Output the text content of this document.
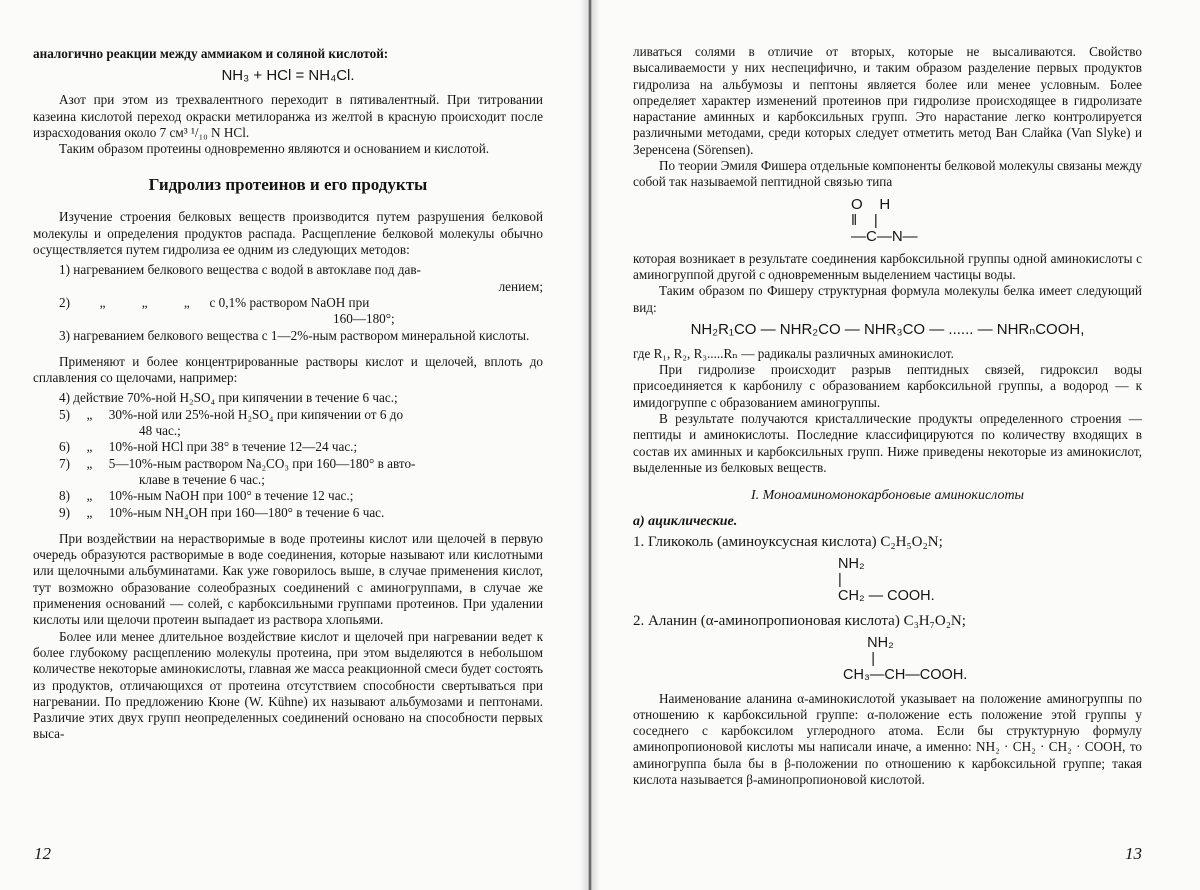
аналогично реакции между аммиаком и соляной кислотой:

NH₃ + HCl = NH₄Cl.

Азот при этом из трехвалентного переходит в пятивалентный. При титровании казеина кислотой переход окраски метилоранжа из желтой в красную происходит после израсходования около 7 см³ ¹/₁₀ N HCl.

Таким образом протеины одновременно являются и основанием и кислотой.

Гидролиз протеинов и его продукты

Изучение строения белковых веществ производится путем разрушения белковой молекулы и определения продуктов распада. Расщепление белковой молекулы обычно осуществляется путем гидролиза ее одним из следующих методов:

1) нагреванием белкового вещества с водой в автоклаве под дав-

лением;

2)         „           „           „      с 0,1% раствором NaOH при

160—180°;

3) нагреванием белкового вещества с 1—2%-ным раствором минеральной кислоты.

Применяют и более концентрированные растворы кислот и щелочей, вплоть до сплавления со щелочами, например:

4) действие 70%-ной H₂SO₄ при кипячении в течение 6 час.;

5)     „     30%-ной или 25%-ной H₂SO₄ при кипячении от 6 до

48 час.;

6)     „     10%-ной HCl при 38° в течение 12—24 час.;

7)     „     5—10%-ным раствором Na₂CO₃ при 160—180° в авто-

клаве в течение 6 час.;

8)     „     10%-ным NaOH при 100° в течение 12 час.;

9)     „     10%-ным NH₄OH при 160—180° в течение 6 час.

При воздействии на нерастворимые в воде протеины кислот или щелочей в первую очередь образуются растворимые в воде соединения, которые называют или кислотными или щелочными альбуминатами. Как уже говорилось выше, в случае применения кислот, тут возможно образование солеобразных соединений с аминогруппами, в случае же применения оснований — солей, с карбоксильными группами протеинов. При удалении кислоты или щелочи протеин выпадает из раствора хлопьями.

Более или менее длительное воздействие кислот и щелочей при нагревании ведет к более глубокому расщеплению молекулы протеина, при этом выделяются в небольшом количестве некоторые аминокислоты, главная же масса реакционной смеси будет состоять из продуктов, отличающихся от протеина отсутствием способности свертываться при нагревании. По предложению Кюне (W. Kühne) их называют альбумозами и пептонами. Различие этих двух групп неопределенных соединений основано на способности первых выса-

12

ливаться солями в отличие от вторых, которые не высаливаются. Свойство высаливаемости у них неспецифично, и таким образом разделение первых продуктов гидролиза на альбумозы и пептоны является более или менее условным. Более определяет характер изменений протеинов при гидролизе происходящее в гидролизате нарастание аминных и карбоксильных групп. Это нарастание легко контролируется различными методами, среди которых следует отметить метод Ван Слайка (Van Slyke) и Зеренсена (Sörensen).

По теории Эмиля Фишера отдельные компоненты белковой молекулы связаны между собой так называемой пептидной связью типа

O    H
‖    |
—C—N—

которая возникает в результате соединения карбоксильной группы одной аминокислоты с аминогруппой другой с одновременным выделением частицы воды.

Таким образом по Фишеру структурная формула молекулы белка имеет следующий вид:

NH₂R₁CO — NHR₂CO — NHR₃CO — ...... — NHRₙCOOH,

где R₁, R₂, R₃.....Rₙ — радикалы различных аминокислот.

При гидролизе происходит разрыв пептидных связей, гидроксил воды присоединяется к карбонилу с образованием карбоксильной группы, а водород — к имидогруппе с образованием аминогруппы.

В результате получаются кристаллические продукты определенного строения — пептиды и аминокислоты. Последние классифицируются по количеству входящих в состав их аминных и карбоксильных групп. Ниже приведены некоторые из аминокислот, выделенные из белковых веществ.

I. Моноаминомонокарбоновые аминокислоты

а) ациклические.

1. Гликоколь (аминоуксусная кислота) C₂H₅O₂N;

NH₂
|
CH₂ — COOH.

2. Аланин (α-аминопропионовая кислота) C₃H₇O₂N;

NH₂
|
CH₃—CH—COOH.

Наименование аланина α-аминокислотой указывает на положение аминогруппы по отношению к карбоксильной группе: α-положение есть положение этой группы у соседнего с карбоксилом углеродного атома. Если бы структурную формулу аминопропионовой кислоты мы написали иначе, а именно: NH₂ · CH₂ · CH₂ · COOH, то аминогруппа была бы в β-положении по отношению к карбоксильной группе; такая кислота называется β-аминопропионовой кислотой.

13
